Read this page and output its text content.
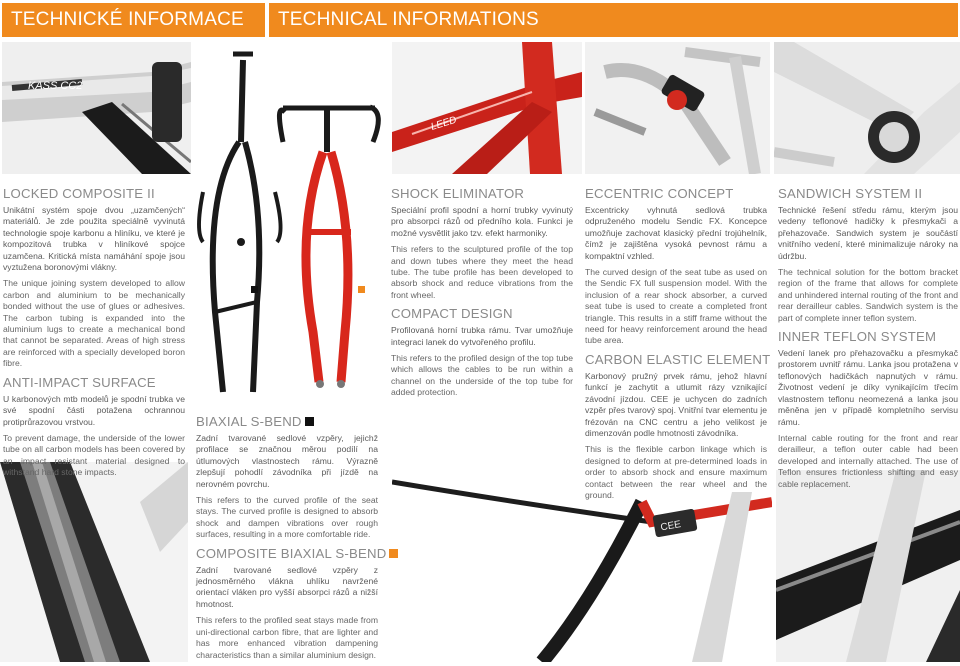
TECHNICKÉ INFORMACE	TECHNICAL INFORMATIONS
KASS CC2
LEED
CEE
LOCKED COMPOSITE II

Unikátní systém spoje dvou „uzamčených“ materiálů. Je zde použita speciálně vyvinutá technologie spoje karbonu a hliníku, ve které je kompozitová trubka v hliníkové spojce uzamčena. Kritická místa namáhání spoje jsou vyztužena boronovými vlákny.

The unique joining system developed to allow carbon and aluminium to be mechanically bonded without the use of glues or adhesives. The carbon tubing is expanded into the aluminium lugs to create a mechanical bond that cannot be separated. Areas of high stress are reinforced with a specially developed boron fibre.

ANTI-IMPACT SURFACE

U karbonových mtb modelů je spodní trubka ve své spodní části potažena ochrannou protiprůrazovou vrstvou.

To prevent damage, the underside of the lower tube on all carbon models has been covered by an impact resistant material designed to withstand hard stone impacts.

BIAXIAL S-BEND

Zadní tvarované sedlové vzpěry, jejichž profilace se značnou měrou podílí na útlumových vlastnostech rámu. Výrazně zlepšují pohodlí závodníka při jízdě na nerovném povrchu.

This refers to the curved profile of the seat stays. The curved profile is designed to absorb shock and dampen vibrations over rough surfaces, resulting in a more comfortable ride.

COMPOSITE BIAXIAL S-BEND

Zadní tvarované sedlové vzpěry z jednosměrného vlákna uhlíku navržené orientací vláken pro vyšší absorpci rázů a nižší hmotnost.

This refers to the profiled seat stays made from uni-directional carbon fibre, that are lighter and has more enhanced vibration dampening characteristics than a similar aluminium design.

SHOCK ELIMINATOR

Speciální profil spodní a horní trubky vyvinutý pro absorpci rázů od předního kola. Funkci je možné vysvětlit jako tzv. efekt harmoniky.

This refers to the sculptured profile of the top and down tubes where they meet the head tube. The tube profile has been developed to absorb shock and reduce vibrations from the front wheel.

COMPACT DESIGN

Profilovaná horní trubka rámu. Tvar umožňuje integraci lanek do vytvořeného profilu.

This refers to the profiled design of the top tube which allows the cables to be run within a channel on the underside of the top tube for added protection.

ECCENTRIC CONCEPT

Excentricky vyhnutá sedlová trubka odpruženého modelu Sendic FX. Koncepce umožňuje zachovat klasický přední trojúhelník, čímž je zajištěna vysoká pevnost rámu a kompaktní vzhled.

The curved design of the seat tube as used on the Sendic FX full suspension model. With the inclusion of a rear shock absorber, a curved seat tube is used to create a completed front triangle. This results in a stiff frame without the need for heavy reinforcement around the head tube area.

CARBON ELASTIC ELEMENT

Karbonový pružný prvek rámu, jehož hlavní funkcí je zachytit a utlumit rázy vznikající závodní jízdou. CEE je uchycen do zadních vzpěr přes tvarový spoj. Vnitřní tvar elementu je frézován na CNC centru a jeho velikost je dimenzován podle hmotnosti závodníka.

This is the flexible carbon linkage which is designed to deform at pre-determined loads in order to absorb shock and ensure maximum contact between the rear wheel and the ground.

SANDWICH SYSTEM II

Technické řešení středu rámu, kterým jsou vedeny teflonové hadičky k přesmykači a přehazovače. Sandwich system je součástí vnitřního vedení, které minimalizuje nároky na údržbu.

The technical solution for the bottom bracket region of the frame that allows for complete and unhindered internal routing of the front and rear derailleur cables. Sandwich system is the part of complete inner teflon system.

INNER TEFLON SYSTEM

Vedení lanek pro přehazovačku a přesmykač prostorem uvnitř rámu. Lanka jsou protažena v teflonových hadičkách napnutých v rámu. Životnost vedení je díky vynikajícím třecím vlastnostem teflonu neomezená a lanka jsou měněna jen v případě kompletního servisu rámu.

Internal cable routing for the front and rear derailleur, a teflon outer cable had been developed and internally attached. The use of Teflon ensures frictionless shifting and easy cable replacement.
